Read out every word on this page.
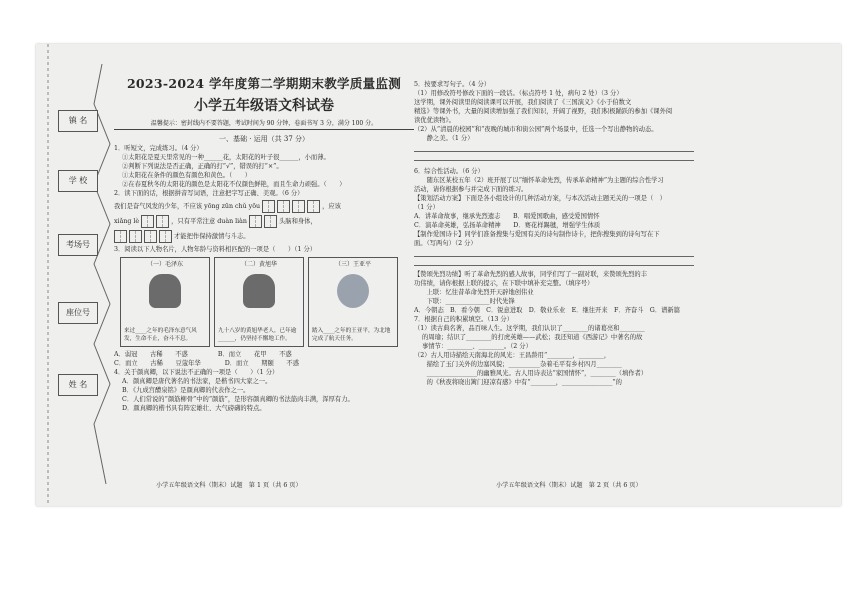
镇 名
学 校
考场号
座位号
姓 名
2023-2024 学年度第二学期期末教学质量监测
小学五年级语文科试卷
温馨提示：密封线内不要答题，考试时间为 90 分钟，卷面书写 3 分，满分 100 分。
一、基础 · 运用（共 37 分）
1．听短文，完成练习。（4 分）
①太阳花是夏天里常见的一种______花，太阳花的叶子很______，小而薄。
②判断下列说法是否正确，正确的打“√”，错误的打“×”。
①太阳花在条件的颜色有颜色和黄色。（　　）
②在春夏秋冬的太阳花的颜色是太阳花不仅颜色鲜艳，而且生命力顽强。（　　）
2．读下面的话，根据拼音写词语，注意把字写正确、美观。（6 分）
我们是奋气风发的少年，不应该 yōng zūn chǔ yōu	，应该
xiǎng lè	，只有平常注意 duàn liàn	头脑和身体，
才能把作保持激情与斗志。
3．阅读以下人物名片，人物年龄与资料相匹配的一项是（　　）（1 分）
（一）毛泽东
来过____之年的毛泽东意气风发，生命不止，奋斗不息。
（二）黄旭华
九十八岁的黄旭华老人，已年逾______，仍坚持不懈地工作。
（三）王亚平
踏入____之年的王亚平，为北地完成了航天任务。
A．弱冠　　古稀　　不惑	B．而立　　花甲　　不惑
C．而立　　古稀　　豆蔻年华	D．而立　　期颐　　不惑
4．关于颜真卿，以下说法不正确的一项是（　　）（1 分）
A．颜真卿是唐代著名的书法家，是楷书四大家之一。
B．《九成宫醴泉铭》是颜真卿的代表作之一。
C．人们常说的“颜筋柳骨”中的“颜筋”，是形容颜真卿的书法筋肉丰满，浑厚有力。
D．颜真卿的楷书具有阵宏雄壮、大气磅礴的特点。
小学五年级语文科（期末）试题　第 1 页（共 6 页）
5．按要求写句子。（4 分）
（1）用修改符号修改下面的一段话。（标点符号 1 处，病句 2 处）（3 分）
这学期，课外阅读里的阅读课可以开展，我们阅读了《三国演义》《小于伯数文
精选》等课外书，大量的阅读增加强了我们知识，开阔了视野，我们积极踊跃的参加《课外阅
读优优读物》。
（2）从“清晨的校园”和“夜晚的城市和街公园”两个场景中，任选一个写出静物的动态。
　　静之美。（1 分）
6．综合性活动。（6 分）
　　随东区某校五年（2）班开展了以“缅怀革命先烈，传承革命精神”为主题的综合性学习
活动，请你根据参与并完成下面的练习。
【策划活动方案】下面是各小组设计的几种活动方案，与本次活动主题无关的一项是（　）
（1 分）
A．讲革命故事，继承先烈遗志　　B．唱爱国歌曲，感受爱国情怀
C．演革命英雄，弘扬革命精神　　D．赛花样踢毽，增强学生体质
【制作爱国诗卡】同学们准备搜集与爱国有关的诗句制作诗卡，把你搜集到的诗句写在下
面。（写两句）（2 分）
【赞颂先烈功绩】听了革命先烈的感人故事，同学们写了一副对联，来赞颂先烈的丰
功伟绩，请你根据上联的提示，在下联中填补充完整。（填序号）
　　上联：忆往昔革命先烈开天辟地创伟业
　　下联：______________时代先锋
A．今朝态　B．看今朝　C．锐意进取　D．敬业乐业　E．继往开来　F．齐奋斗　G．谱新篇
7．根据自己的积累填空。（13 分）
（1）读古典名著，品百味人生。这学期，我们认识了________的诸葛亮和________
的周瑜；结识了________的打虎英雄——武松；我还知道《西游记》中著名的故
事情节：________、________。（2 分）
（2）古人用诗描绘天南海北的风光：王昌龄用“________，________，
　　描绘了玉门关外的边塞风貌；__________杂着毛平有乡村四月________
　　________________的幽雅风光。古人用诗表达“家国情怀”，________（填作者）
　　的《秋夜将晓出篱门迎凉有感》中有“________，________________”的
小学五年级语文科（期末）试题　第 2 页（共 6 页）
